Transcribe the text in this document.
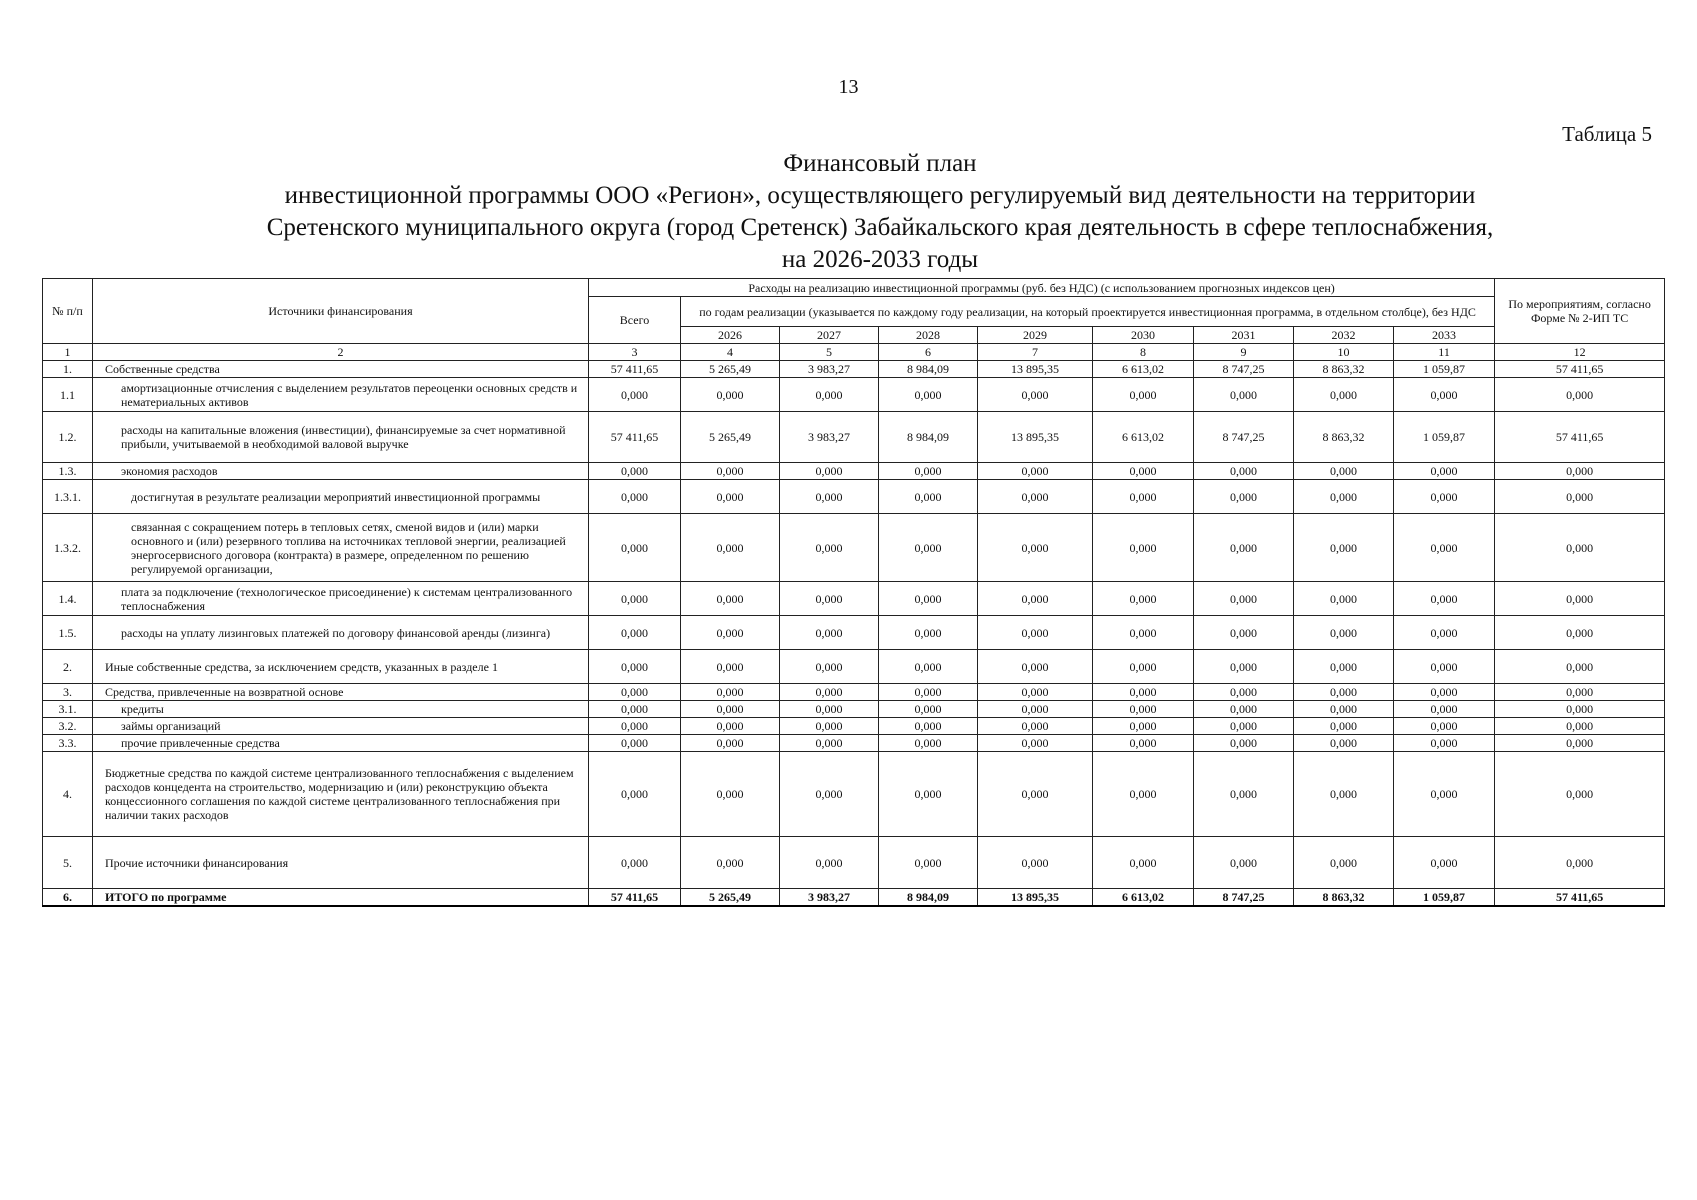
13
Таблица 5
Финансовый план
инвестиционной программы ООО «Регион», осуществляющего регулируемый вид деятельности на территории
Сретенского муниципального округа (город Сретенск) Забайкальского края деятельность в сфере теплоснабжения,
на 2026-2033 годы
№ п/п	Источники финансирования	Расходы на реализацию инвестиционной программы (руб. без НДС) (с использованием прогнозных индексов цен)									По мероприятиям, согласно Форме № 2-ИП ТС
		Всего	по годам реализации (указывается по каждому году реализации, на который проектируется инвестиционная программа, в отдельном столбце), без НДС								
			2026	2027	2028	2029	2030	2031	2032	2033	
1	2	3	4	5	6	7	8	9	10	11	12
1.	Собственные средства	57 411,65	5 265,49	3 983,27	8 984,09	13 895,35	6 613,02	8 747,25	8 863,32	1 059,87	57 411,65
1.1	амортизационные отчисления с выделением результатов переоценки основных средств и нематериальных активов	0,000	0,000	0,000	0,000	0,000	0,000	0,000	0,000	0,000	0,000
1.2.	расходы на капитальные вложения (инвестиции), финансируемые за счет нормативной прибыли, учитываемой в необходимой валовой выручке	57 411,65	5 265,49	3 983,27	8 984,09	13 895,35	6 613,02	8 747,25	8 863,32	1 059,87	57 411,65
1.3.	экономия расходов	0,000	0,000	0,000	0,000	0,000	0,000	0,000	0,000	0,000	0,000
1.3.1.	достигнутая в результате реализации мероприятий инвестиционной программы	0,000	0,000	0,000	0,000	0,000	0,000	0,000	0,000	0,000	0,000
1.3.2.	связанная с сокращением потерь в тепловых сетях, сменой видов и (или) марки основного и (или) резервного топлива на источниках тепловой энергии, реализацией энергосервисного договора (контракта) в размере, определенном по решению регулируемой организации,	0,000	0,000	0,000	0,000	0,000	0,000	0,000	0,000	0,000	0,000
1.4.	плата за подключение (технологическое присоединение) к системам централизованного теплоснабжения	0,000	0,000	0,000	0,000	0,000	0,000	0,000	0,000	0,000	0,000
1.5.	расходы на уплату лизинговых платежей по договору финансовой аренды (лизинга)	0,000	0,000	0,000	0,000	0,000	0,000	0,000	0,000	0,000	0,000
2.	Иные собственные средства, за исключением средств, указанных в разделе 1	0,000	0,000	0,000	0,000	0,000	0,000	0,000	0,000	0,000	0,000
3.	Средства, привлеченные на возвратной основе	0,000	0,000	0,000	0,000	0,000	0,000	0,000	0,000	0,000	0,000
3.1.	кредиты	0,000	0,000	0,000	0,000	0,000	0,000	0,000	0,000	0,000	0,000
3.2.	займы организаций	0,000	0,000	0,000	0,000	0,000	0,000	0,000	0,000	0,000	0,000
3.3.	прочие привлеченные средства	0,000	0,000	0,000	0,000	0,000	0,000	0,000	0,000	0,000	0,000
4.	Бюджетные средства по каждой системе централизованного теплоснабжения с выделением расходов концедента на строительство, модернизацию и (или) реконструкцию объекта концессионного соглашения по каждой системе централизованного теплоснабжения при наличии таких расходов	0,000	0,000	0,000	0,000	0,000	0,000	0,000	0,000	0,000	0,000
5.	Прочие источники финансирования	0,000	0,000	0,000	0,000	0,000	0,000	0,000	0,000	0,000	0,000
6.	ИТОГО по программе	57 411,65	5 265,49	3 983,27	8 984,09	13 895,35	6 613,02	8 747,25	8 863,32	1 059,87	57 411,65
